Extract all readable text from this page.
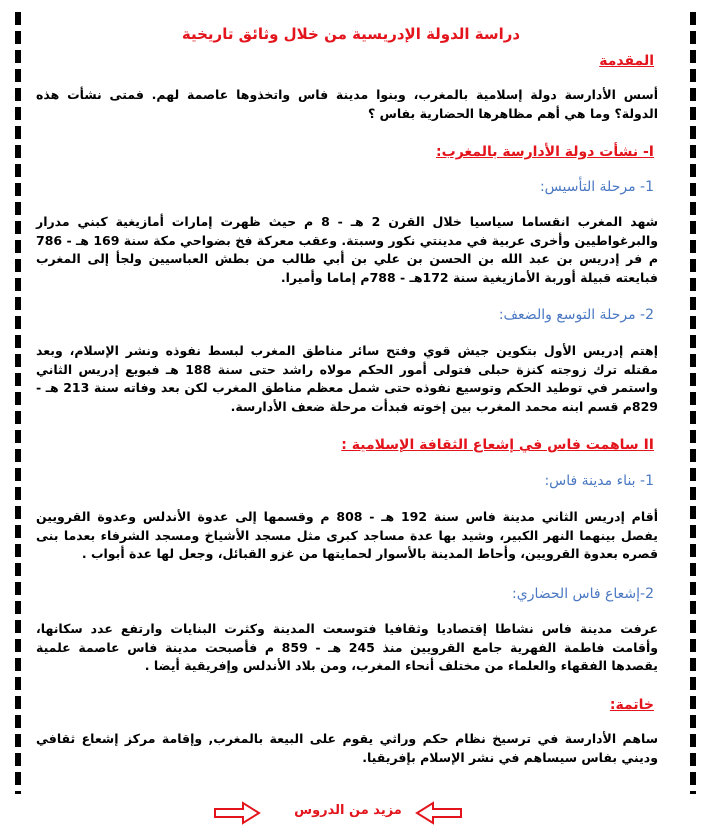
دراسة الدولة الإدريسية من خلال وثائق تاريخية
المقدمة
أسس الأدارسة دولة إسلامية بالمغرب، وبنوا مدينة فاس واتخذوها عاصمة لهم. فمتى نشأت هذه الدولة؟ وما هي أهم مظاهرها الحضارية بفاس ؟
I- نشأت دولة الأدارسة بالمغرب:
1- مرحلة التأسيس:
شهد المغرب انقساما سياسيا خلال القرن 2 هـ - 8 م حيث ظهرت إمارات أمازيغية كبني مدرار والبرغواطيين وأخرى عربية في مدينتي نكور وسبتة. وعقب معركة فخ بضواحي مكة سنة 169 هـ - 786 م فر إدريس بن عبد الله بن الحسن بن علي بن أبي طالب من بطش العباسيين ولجأ إلى المغرب فبايعته قبيلة أوربة الأمازيغية سنة 172هـ - 788م إماما وأميرا.
2- مرحلة التوسع والضعف:
إهتم إدريس الأول بتكوين جيش قوي وفتح سائر مناطق المغرب لبسط نفوذه ونشر الإسلام، وبعد مقتله ترك زوجته كنزة حبلى فتولى أمور الحكم مولاه راشد حتى سنة 188 هـ فبويع إدريس الثاني واستمر في توطيد الحكم وتوسيع نفوذه حتى شمل معظم مناطق المغرب لكن بعد وفاته سنة 213 هـ - 829م قسم ابنه محمد المغرب بين إخوته فبدأت مرحلة ضعف الأدارسة.
II ساهمت فاس في إشعاع الثقافة الإسلامية :
1- بناء مدينة فاس:
أقام إدريس الثاني مدينة فاس سنة 192 هـ - 808 م وقسمها إلى عدوة الأندلس وعدوة القرويين يفصل بينهما النهر الكبير، وشيد بها عدة مساجد كبرى مثل مسجد الأشياخ ومسجد الشرفاء بعدما بنى قصره بعدوة القرويين، وأحاط المدينة بالأسوار لحمايتها من غزو القبائل، وجعل لها عدة أبواب .
2-إشعاع فاس الحضاري:
عرفت مدينة فاس نشاطا إقتصاديا وثقافيا فتوسعت المدينة وكثرت البنايات وارتفع عدد سكانها، وأقامت فاطمة الفهرية جامع القرويين منذ 245 هـ - 859 م فأصبحت مدينة فاس عاصمة علمية يقصدها الفقهاء والعلماء من مختلف أنحاء المغرب، ومن بلاد الأندلس وإفريقية أيضا .
خاتمة:
ساهم الأدارسة في ترسيخ نظام حكم وراثي يقوم على البيعة بالمغرب, وإقامة مركز إشعاع ثقافي وديني بفاس سيساهم في نشر الإسلام بإفريقيا.
مزيد من الدروس
